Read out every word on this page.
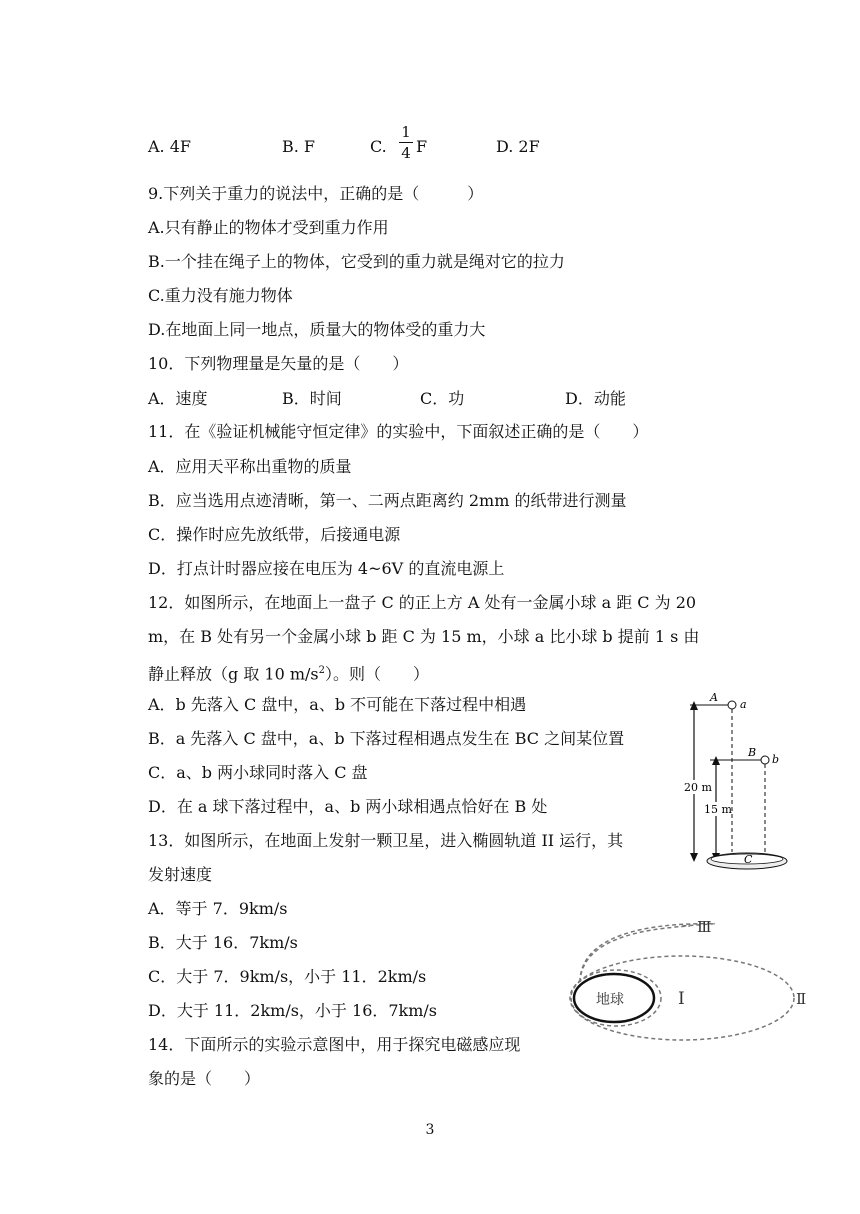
A. 4F	B. F	C.
1
4 F	D. 2F
9.下列关于重力的说法中，正确的是（　　　）
A.只有静止的物体才受到重力作用
B.一个挂在绳子上的物体，它受到的重力就是绳对它的拉力
C.重力没有施力物体
D.在地面上同一地点，质量大的物体受的重力大
10．下列物理量是矢量的是（　　）
A．速度	B．时间	C．功	D．动能
11．在《验证机械能守恒定律》的实验中，下面叙述正确的是（　　）
A．应用天平称出重物的质量
B．应当选用点迹清晰，第一、二两点距离约 2mm 的纸带进行测量
C．操作时应先放纸带，后接通电源
D．打点计时器应接在电压为 4~6V 的直流电源上
12．如图所示，在地面上一盘子 C 的正上方 A 处有一金属小球 a 距 C 为 20
m，在 B 处有另一个金属小球 b 距 C 为 15 m，小球 a 比小球 b 提前 1 s 由
静止释放（g 取 10 $m/s^2$）。则（　　）
A．b 先落入 C 盘中，a、b 不可能在下落过程中相遇
B．a 先落入 C 盘中，a、b 下落过程相遇点发生在 BC 之间某位置
C．a、b 两小球同时落入 C 盘
D．在 a 球下落过程中，a、b 两小球相遇点恰好在 B 处
A
a
B
b
20 m
15 m
C
13．如图所示，在地面上发射一颗卫星，进入椭圆轨道 II 运行，其
发射速度
A．等于 7．9km/s
B．大于 16．7km/s
C．大于 7．9km/s，小于 11．2km/s
D．大于 11．2km/s，小于 16．7km/s
Ⅲ
Ⅱ
Ⅰ
地球
14．下面所示的实验示意图中，用于探究电磁感应现
象的是（　　）
3
